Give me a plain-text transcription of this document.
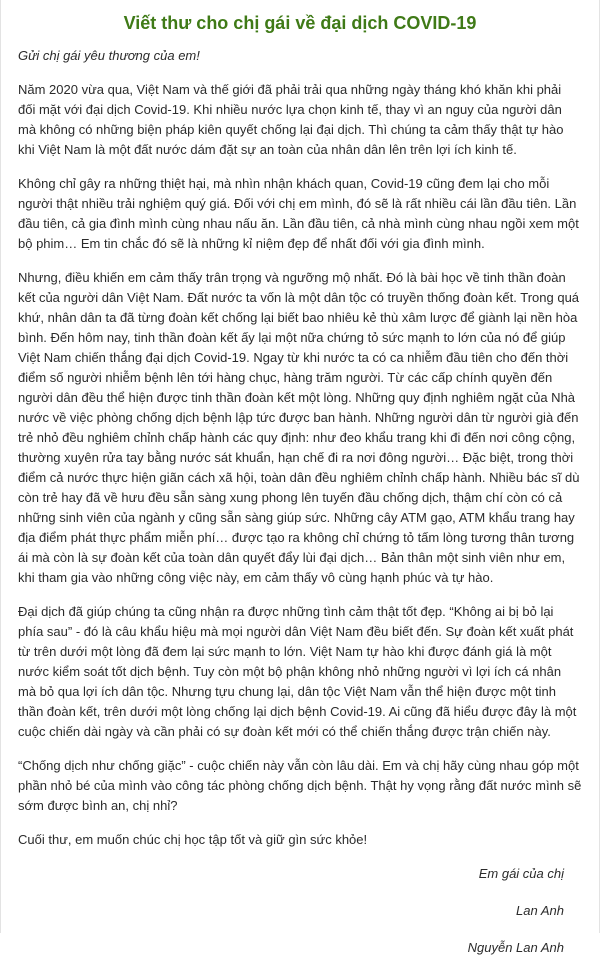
Viết thư cho chị gái về đại dịch COVID-19

Gửi chị gái yêu thương của em!

Năm 2020 vừa qua, Việt Nam và thế giới đã phải trải qua những ngày tháng khó khăn khi phải đối mặt với đại dịch Covid-19. Khi nhiều nước lựa chọn kinh tế, thay vì an nguy của người dân mà không có những biện pháp kiên quyết chống lại đại dịch. Thì chúng ta cảm thấy thật tự hào khi Việt Nam là một đất nước dám đặt sự an toàn của nhân dân lên trên lợi ích kinh tế.

Không chỉ gây ra những thiệt hại, mà nhìn nhận khách quan, Covid-19 cũng đem lại cho mỗi người thật nhiều trải nghiệm quý giá. Đối với chị em mình, đó sẽ là rất nhiều cái lần đầu tiên. Lần đầu tiên, cả gia đình mình cùng nhau nấu ăn. Lần đầu tiên, cả nhà mình cùng nhau ngồi xem một bộ phim… Em tin chắc đó sẽ là những kỉ niệm đẹp để nhất đối với gia đình mình.

Nhưng, điều khiến em cảm thấy trân trọng và ngưỡng mộ nhất. Đó là bài học về tinh thần đoàn kết của người dân Việt Nam. Đất nước ta vốn là một dân tộc có truyền thống đoàn kết. Trong quá khứ, nhân dân ta đã từng đoàn kết chống lại biết bao nhiêu kẻ thù xâm lược để giành lại nền hòa bình. Đến hôm nay, tinh thần đoàn kết ấy lại một nữa chứng tỏ sức mạnh to lớn của nó để giúp Việt Nam chiến thắng đại dịch Covid-19. Ngay từ khi nước ta có ca nhiễm đầu tiên cho đến thời điểm số người nhiễm bệnh lên tới hàng chục, hàng trăm người. Từ các cấp chính quyền đến người dân đều thể hiện được tinh thần đoàn kết một lòng. Những quy định nghiêm ngặt của Nhà nước về việc phòng chống dịch bệnh lập tức được ban hành. Những người dân từ người già đến trẻ nhỏ đều nghiêm chỉnh chấp hành các quy định: như đeo khẩu trang khi đi đến nơi công cộng, thường xuyên rửa tay bằng nước sát khuẩn, hạn chế đi ra nơi đông người… Đặc biệt, trong thời điểm cả nước thực hiện giãn cách xã hội, toàn dân đều nghiêm chỉnh chấp hành. Nhiều bác sĩ dù còn trẻ hay đã về hưu đều sẵn sàng xung phong lên tuyến đầu chống dịch, thậm chí còn có cả những sinh viên của ngành y cũng sẵn sàng giúp sức. Những cây ATM gạo, ATM khẩu trang hay địa điểm phát thực phẩm miễn phí… được tạo ra không chỉ chứng tỏ tấm lòng tương thân tương ái mà còn là sự đoàn kết của toàn dân quyết đẩy lùi đại dịch… Bản thân một sinh viên như em, khi tham gia vào những công việc này, em cảm thấy vô cùng hạnh phúc và tự hào.

Đại dịch đã giúp chúng ta cũng nhận ra được những tình cảm thật tốt đẹp. “Không ai bị bỏ lại phía sau” - đó là câu khẩu hiệu mà mọi người dân Việt Nam đều biết đến. Sự đoàn kết xuất phát từ trên dưới một lòng đã đem lại sức mạnh to lớn. Việt Nam tự hào khi được đánh giá là một nước kiểm soát tốt dịch bệnh. Tuy còn một bộ phận không nhỏ những người vì lợi ích cá nhân mà bỏ qua lợi ích dân tộc. Nhưng tựu chung lại, dân tộc Việt Nam vẫn thể hiện được một tinh thần đoàn kết, trên dưới một lòng chống lại dịch bệnh Covid-19. Ai cũng đã hiểu được đây là một cuộc chiến dài ngày và cần phải có sự đoàn kết mới có thể chiến thắng được trận chiến này.

“Chống dịch như chống giặc” - cuộc chiến này vẫn còn lâu dài. Em và chị hãy cùng nhau góp một phần nhỏ bé của mình vào công tác phòng chống dịch bệnh. Thật hy vọng rằng đất nước mình sẽ sớm được bình an, chị nhỉ?

Cuối thư, em muốn chúc chị học tập tốt và giữ gìn sức khỏe!

Em gái của chị
Lan Anh
Nguyễn Lan Anh
